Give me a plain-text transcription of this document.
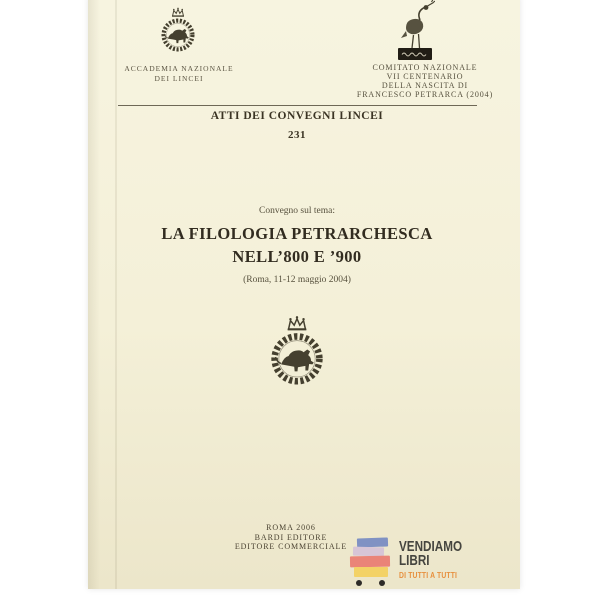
ACCADEMIA NAZIONALE
DEI LINCEI
COMITATO NAZIONALE
VII CENTENARIO
DELLA NASCITA DI
FRANCESCO PETRARCA (2004)
ATTI DEI CONVEGNI LINCEI
231
Convegno sul tema:
LA FILOLOGIA PETRARCHESCA
NELL’800 E ’900
(Roma, 11-12 maggio 2004)
ROMA 2006
BARDI EDITORE
EDITORE COMMERCIALE	VENDIAMO
LIBRI
DI TUTTI A TUTTI
